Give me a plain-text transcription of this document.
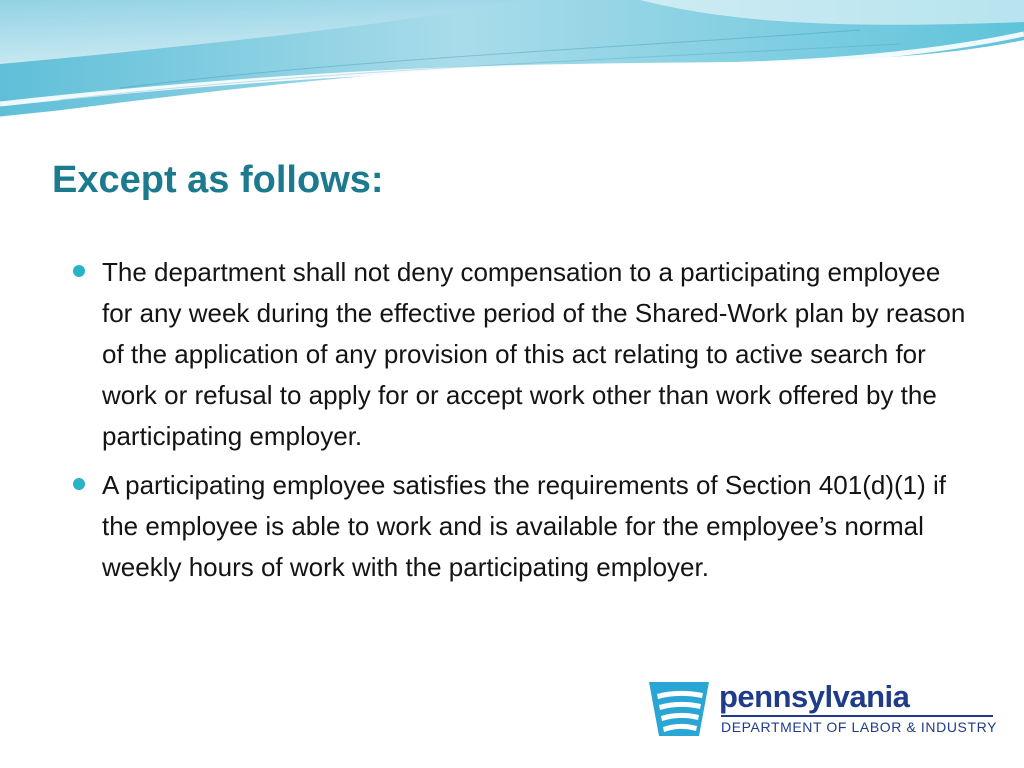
Except as follows:
The department shall not deny compensation to a participating employee for any week during the effective period of the Shared-Work plan by reason of the application of any provision of this act relating to active search for work or refusal to apply for or accept work other than work offered by the participating employer.
A participating employee satisfies the requirements of Section 401(d)(1) if the employee is able to work and is available for the employee’s normal weekly hours of work with the participating employer.
pennsylvania
DEPARTMENT OF LABOR & INDUSTRY
